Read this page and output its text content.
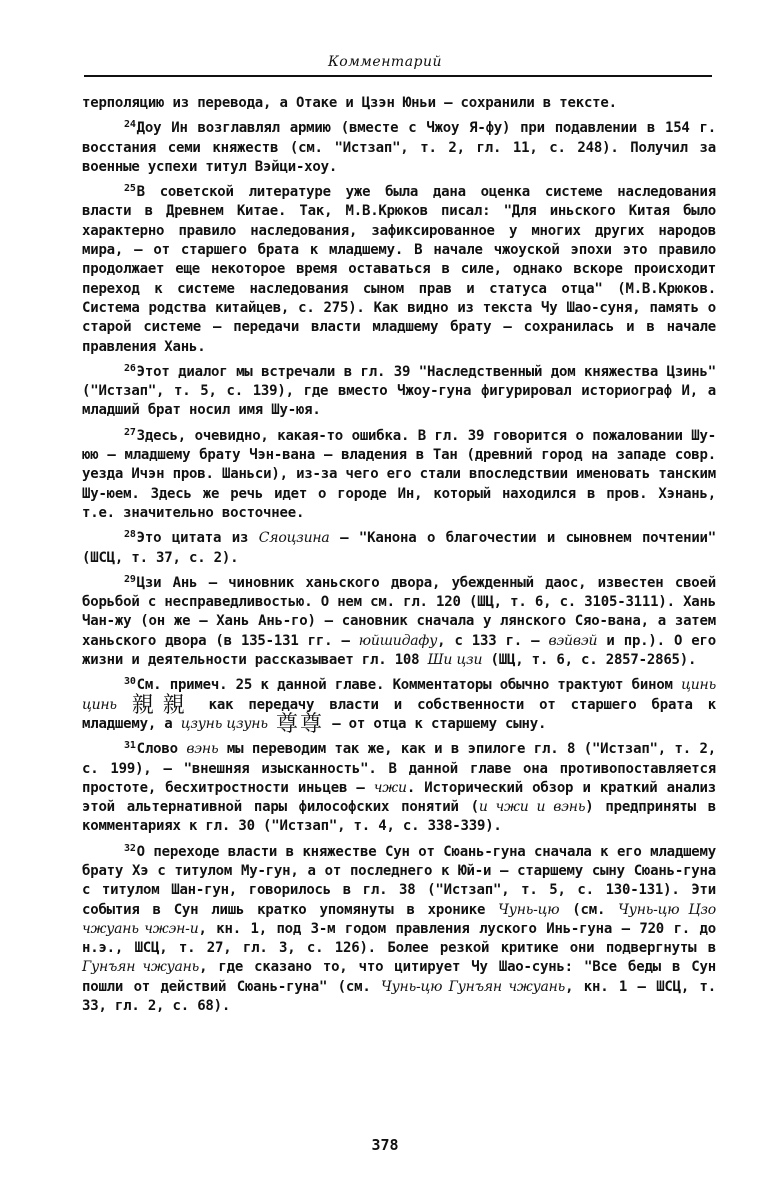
Комментарий

терполяцию из перевода, а Отаке и Цзэн Юньи — сохранили в тексте.

$^{24}$Доу Ин возглавлял армию (вместе с Чжоу Я-фу) при подавлении в 154 г. восстания семи княжеств (см. "Истзап", т. 2, гл. 11, с. 248). Получил за военные успехи титул Вэйци-хоу.

$^{25}$В советской литературе уже была дана оценка системе наследования власти в Древнем Китае. Так, М.В.Крюков писал: "Для иньского Китая было характерно правило наследования, зафиксированное у многих других народов мира, — от старшего брата к младшему. В начале чжоуской эпохи это правило продолжает еще некоторое время оставаться в силе, однако вскоре происходит переход к системе наследования сыном прав и статуса отца" (М.В.Крюков. Система родства китайцев, с. 275). Как видно из текста Чу Шао-суня, память о старой системе — передачи власти младшему брату — сохранилась и в начале правления Хань.

$^{26}$Этот диалог мы встречали в гл. 39 "Наследственный дом княжества Цзинь" ("Истзап", т. 5, с. 139), где вместо Чжоу-гуна фигурировал историограф И, а младший брат носил имя Шу-юя.

$^{27}$Здесь, очевидно, какая-то ошибка. В гл. 39 говорится о пожаловании Шу-юю — младшему брату Чэн-вана — владения в Тан (древний город на западе совр. уезда Ичэн пров. Шаньси), из-за чего его стали впоследствии именовать танским Шу-юем. Здесь же речь идет о городе Ин, который находился в пров. Хэнань, т.е. значительно восточнее.

$^{28}$Это цитата из Сяоцзина — "Канона о благочестии и сыновнем почтении" (ШСЦ, т. 37, с. 2).

$^{29}$Цзи Ань — чиновник ханьского двора, убежденный даос, известен своей борьбой с несправедливостью. О нем см. гл. 120 (ШЦ, т. 6, с. 3105-3111). Хань Чан-жу (он же — Хань Ань-го) — сановник сначала у лянского Сяо-вана, а затем ханьского двора (в 135-131 гг. — юйшидафу, с 133 г. — вэйвэй и пр.). О его жизни и деятельности рассказывает гл. 108 Ши цзи (ШЦ, т. 6, с. 2857-2865).

$^{30}$См. примеч. 25 к данной главе. Комментаторы обычно трактуют бином цинь цинь 親親 как передачу власти и собственности от старшего брата к младшему, а цзунь цзунь 尊尊 — от отца к старшему сыну.

$^{31}$Слово вэнь мы переводим так же, как и в эпилоге гл. 8 ("Истзап", т. 2, с. 199), — "внешняя изысканность". В данной главе она противопоставляется простоте, бесхитростности иньцев — чжи. Исторический обзор и краткий анализ этой альтернативной пары философских понятий (и чжи и вэнь) предприняты в комментариях к гл. 30 ("Истзап", т. 4, с. 338-339).

$^{32}$О переходе власти в княжестве Сун от Сюань-гуна сначала к его младшему брату Хэ с титулом Му-гун, а от последнего к Юй-и — старшему сыну Сюань-гуна с титулом Шан-гун, говорилось в гл. 38 ("Истзап", т. 5, с. 130-131). Эти события в Сун лишь кратко упомянуты в хронике Чунь-цю (см. Чунь-цю Цзо чжуань чжэн-и, кн. 1, под 3-м годом правления луского Инь-гуна — 720 г. до н.э., ШСЦ, т. 27, гл. 3, с. 126). Более резкой критике они подвергнуты в Гунъян чжуань, где сказано то, что цитирует Чу Шао-сунь: "Все беды в Сун пошли от действий Сюань-гуна" (см. Чунь-цю Гунъян чжуань, кн. 1 — ШСЦ, т. 33, гл. 2, с. 68).

378
